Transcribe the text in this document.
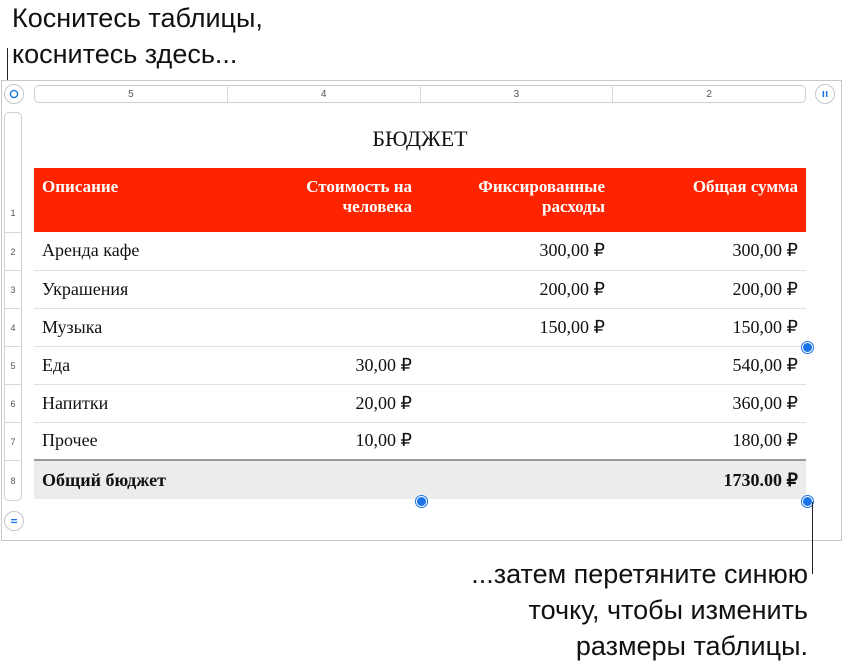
Коснитесь таблицы,
коснитесь здесь...
5	4	3	2
1
2
3
4
5
6
7
8
БЮДЖЕТ
Описание	Стоимость на человека	Фиксированные расходы	Общая сумма
Аренда кафе		300,00 ₽	300,00 ₽
Украшения		200,00 ₽	200,00 ₽
Музыка		150,00 ₽	150,00 ₽
Еда	30,00 ₽		540,00 ₽
Напитки	20,00 ₽		360,00 ₽
Прочее	10,00 ₽		180,00 ₽
Общий бюджет			1730.00 ₽
...затем перетяните синюю
точку, чтобы изменить
размеры таблицы.
